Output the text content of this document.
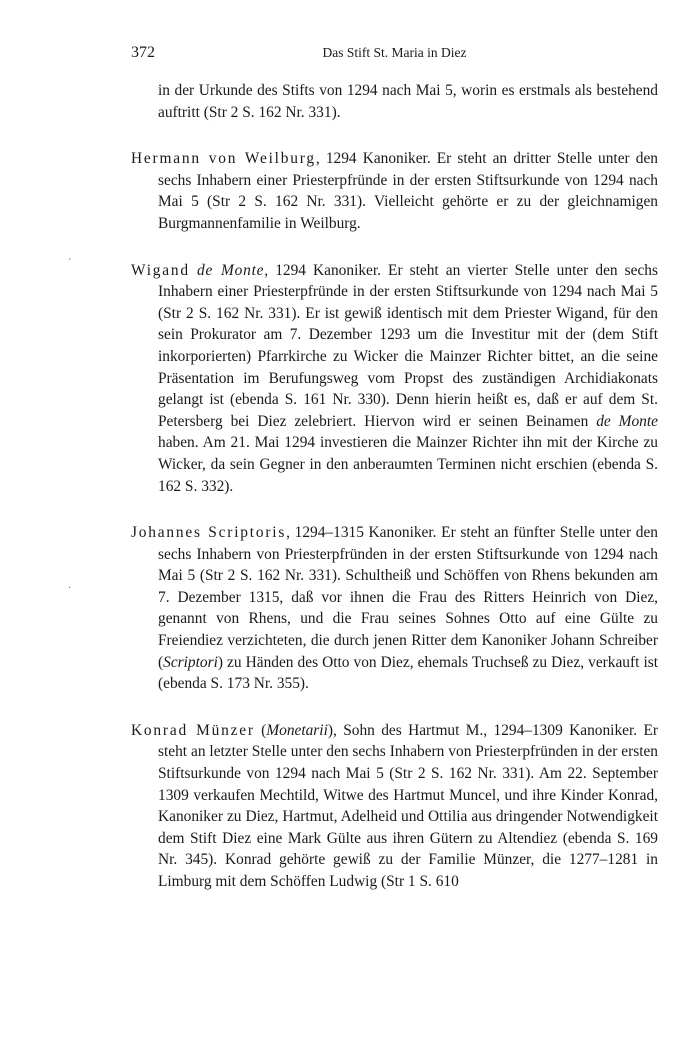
372	Das Stift St. Maria in Diez
ˊ
·

in der Urkunde des Stifts von 1294 nach Mai 5, worin es erstmals als bestehend auftritt (Str 2 S. 162 Nr. 331).

Hermann von Weilburg, 1294 Kanoniker. Er steht an dritter Stelle unter den sechs Inhabern einer Priesterpfründe in der ersten Stiftsurkunde von 1294 nach Mai 5 (Str 2 S. 162 Nr. 331). Vielleicht gehörte er zu der gleichnamigen Burgmannenfamilie in Weilburg.

Wigand de Monte, 1294 Kanoniker. Er steht an vierter Stelle unter den sechs Inhabern einer Priesterpfründe in der ersten Stiftsurkunde von 1294 nach Mai 5 (Str 2 S. 162 Nr. 331). Er ist gewiß identisch mit dem Priester Wigand, für den sein Prokurator am 7. Dezember 1293 um die Investitur mit der (dem Stift inkorporierten) Pfarrkirche zu Wicker die Mainzer Richter bittet, an die seine Präsentation im Berufungsweg vom Propst des zuständigen Archidiakonats gelangt ist (ebenda S. 161 Nr. 330). Denn hierin heißt es, daß er auf dem St. Petersberg bei Diez zelebriert. Hiervon wird er seinen Beinamen de Monte haben. Am 21. Mai 1294 investieren die Mainzer Richter ihn mit der Kirche zu Wicker, da sein Gegner in den anberaumten Terminen nicht erschien (ebenda S. 162 S. 332).

Johannes Scriptoris, 1294–1315 Kanoniker. Er steht an fünfter Stelle unter den sechs Inhabern von Priesterpfründen in der ersten Stiftsurkunde von 1294 nach Mai 5 (Str 2 S. 162 Nr. 331). Schultheiß und Schöffen von Rhens bekunden am 7. Dezember 1315, daß vor ihnen die Frau des Ritters Heinrich von Diez, genannt von Rhens, und die Frau seines Sohnes Otto auf eine Gülte zu Freiendiez verzichteten, die durch jenen Ritter dem Kanoniker Johann Schreiber (Scriptori) zu Händen des Otto von Diez, ehemals Truchseß zu Diez, verkauft ist (ebenda S. 173 Nr. 355).

Konrad Münzer (Monetarii), Sohn des Hartmut M., 1294–1309 Kanoniker. Er steht an letzter Stelle unter den sechs Inhabern von Priesterpfründen in der ersten Stiftsurkunde von 1294 nach Mai 5 (Str 2 S. 162 Nr. 331). Am 22. September 1309 verkaufen Mechtild, Witwe des Hartmut Muncel, und ihre Kinder Konrad, Kanoniker zu Diez, Hartmut, Adelheid und Ottilia aus dringender Notwendigkeit dem Stift Diez eine Mark Gülte aus ihren Gütern zu Altendiez (ebenda S. 169 Nr. 345). Konrad gehörte gewiß zu der Familie Münzer, die 1277–1281 in Limburg mit dem Schöffen Ludwig (Str 1 S. 610
